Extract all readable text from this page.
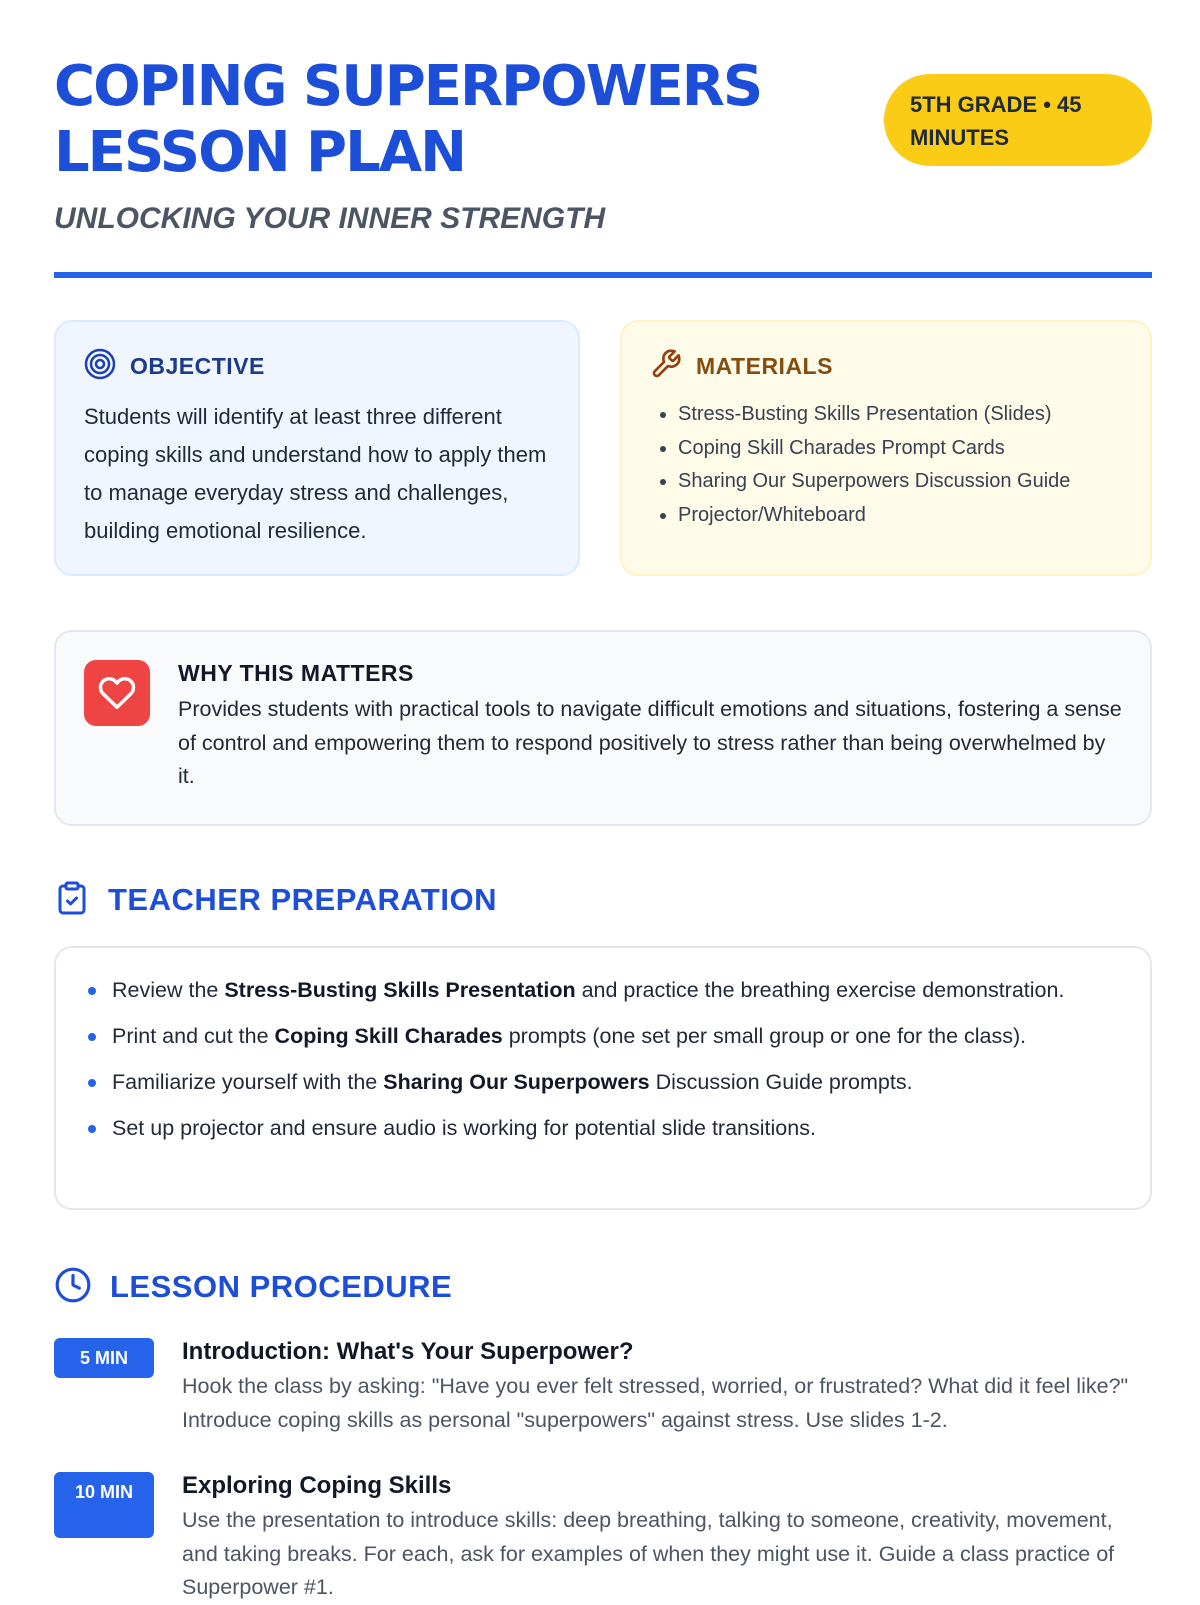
COPING SUPERPOWERS LESSON PLAN
5TH GRADE • 45 MINUTES
UNLOCKING YOUR INNER STRENGTH
OBJECTIVE

Students will identify at least three different coping skills and understand how to apply them to manage everyday stress and challenges, building emotional resilience.

MATERIALS
• Stress-Busting Skills Presentation (Slides)
• Coping Skill Charades Prompt Cards
• Sharing Our Superpowers Discussion Guide
• Projector/Whiteboard
WHY THIS MATTERS

Provides students with practical tools to navigate difficult emotions and situations, fostering a sense of control and empowering them to respond positively to stress rather than being overwhelmed by it.

TEACHER PREPARATION
Review the Stress-Busting Skills Presentation and practice the breathing exercise demonstration.
Print and cut the Coping Skill Charades prompts (one set per small group or one for the class).
Familiarize yourself with the Sharing Our Superpowers Discussion Guide prompts.
Set up projector and ensure audio is working for potential slide transitions.
LESSON PROCEDURE
5 MIN	Introduction: What's Your Superpower?

Hook the class by asking: "Have you ever felt stressed, worried, or frustrated? What did it feel like?" Introduce coping skills as personal "superpowers" against stress. Use slides 1-2.

10 MIN	Exploring Coping Skills

Use the presentation to introduce skills: deep breathing, talking to someone, creativity, movement, and taking breaks. For each, ask for examples of when they might use it. Guide a class practice of Superpower #1.
